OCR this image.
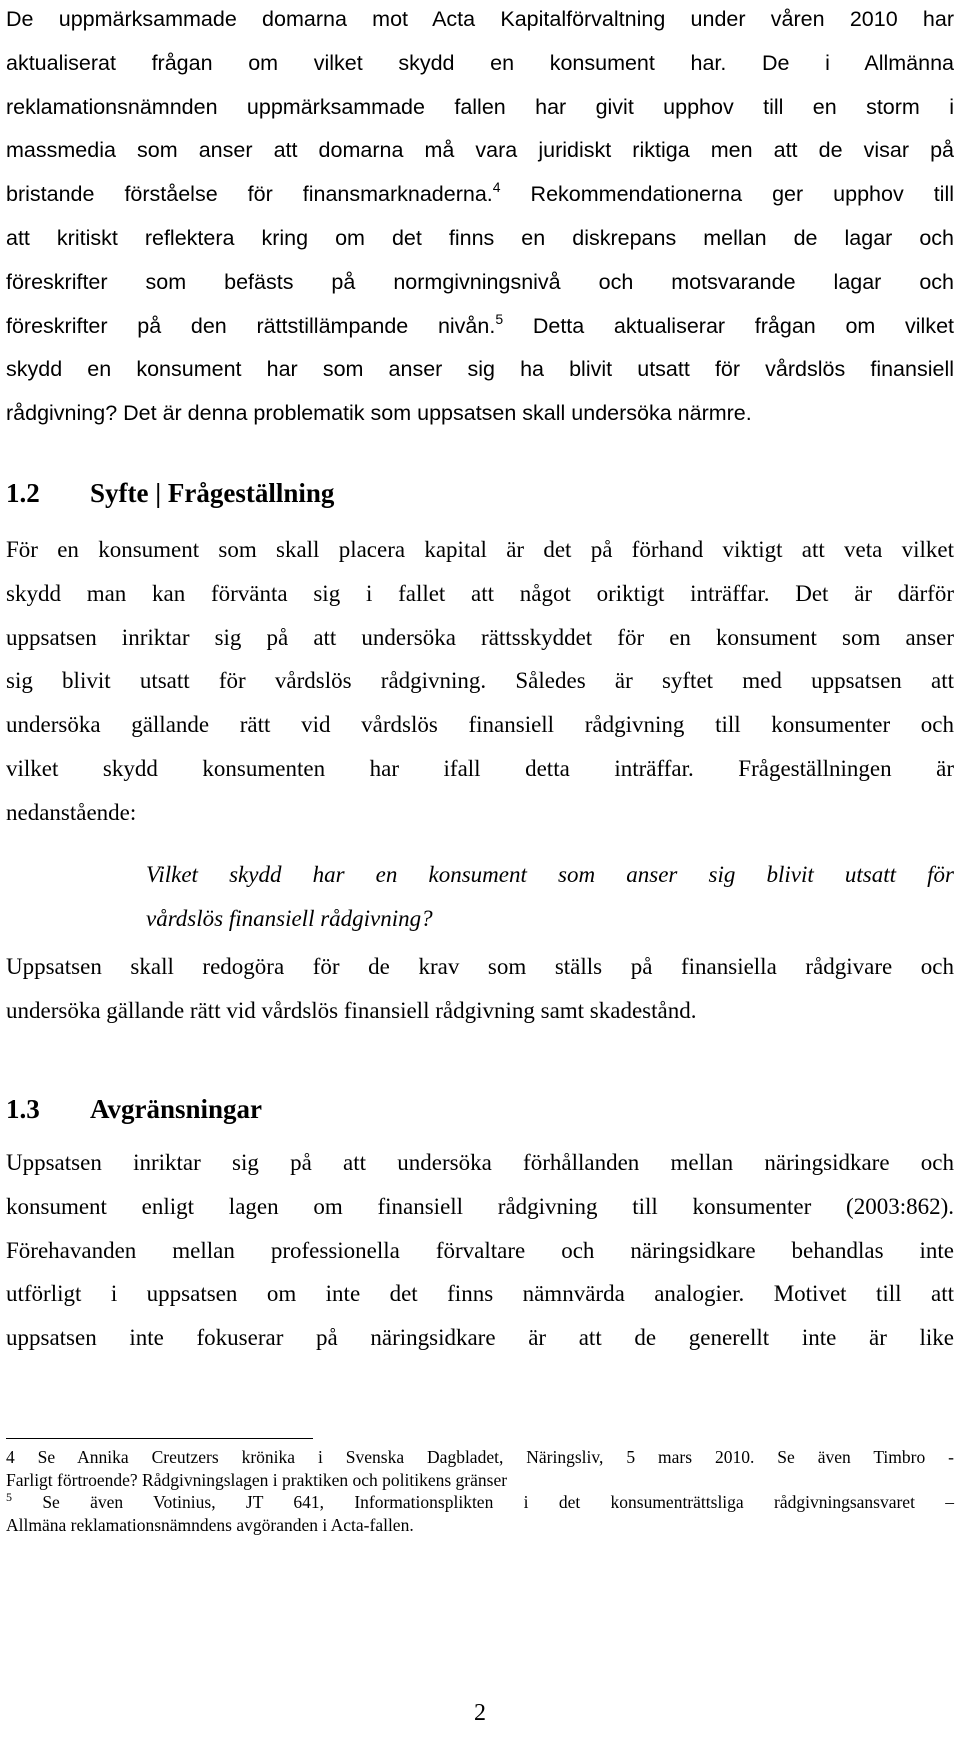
De uppmärksammade domarna mot Acta Kapitalförvaltning under våren 2010 har
aktualiserat frågan om vilket skydd en konsument har. De i Allmänna
reklamationsnämnden uppmärksammade fallen har givit upphov till en storm i
massmedia som anser att domarna må vara juridiskt riktiga men att de visar på
bristande förståelse för finansmarknaderna.$^4$ Rekommendationerna ger upphov till
att kritiskt reflektera kring om det finns en diskrepans mellan de lagar och
föreskrifter som befästs på normgivningsnivå och motsvarande lagar och
föreskrifter på den rättstillämpande nivån.$^5$ Detta aktualiserar frågan om vilket
skydd en konsument har som anser sig ha blivit utsatt för vårdslös finansiell
rådgivning? Det är denna problematik som uppsatsen skall undersöka närmre.
1.2 Syfte | Frågeställning
För en konsument som skall placera kapital är det på förhand viktigt att veta vilket
skydd man kan förvänta sig i fallet att något oriktigt inträffar. Det är därför
uppsatsen inriktar sig på att undersöka rättsskyddet för en konsument som anser
sig blivit utsatt för vårdslös rådgivning. Således är syftet med uppsatsen att
undersöka gällande rätt vid vårdslös finansiell rådgivning till konsumenter och
vilket skydd konsumenten har ifall detta inträffar. Frågeställningen är
nedanstående:
Vilket skydd har en konsument som anser sig blivit utsatt för
vårdslös finansiell rådgivning?
Uppsatsen skall redogöra för de krav som ställs på finansiella rådgivare och
undersöka gällande rätt vid vårdslös finansiell rådgivning samt skadestånd.
1.3 Avgränsningar
Uppsatsen inriktar sig på att undersöka förhållanden mellan näringsidkare och
konsument enligt lagen om finansiell rådgivning till konsumenter (2003:862).
Förehavanden mellan professionella förvaltare och näringsidkare behandlas inte
utförligt i uppsatsen om inte det finns nämnvärda analogier. Motivet till att
uppsatsen inte fokuserar på näringsidkare är att de generellt inte är like
4 Se Annika Creutzers krönika i Svenska Dagbladet, Näringsliv, 5 mars 2010. Se även Timbro -
Farligt förtroende? Rådgivningslagen i praktiken och politikens gränser
$^5$ Se även Votinius, JT 641, Informationsplikten i det konsumenträttsliga rådgivningsansvaret –
Allmäna reklamationsnämndens avgöranden i Acta-fallen.
2
